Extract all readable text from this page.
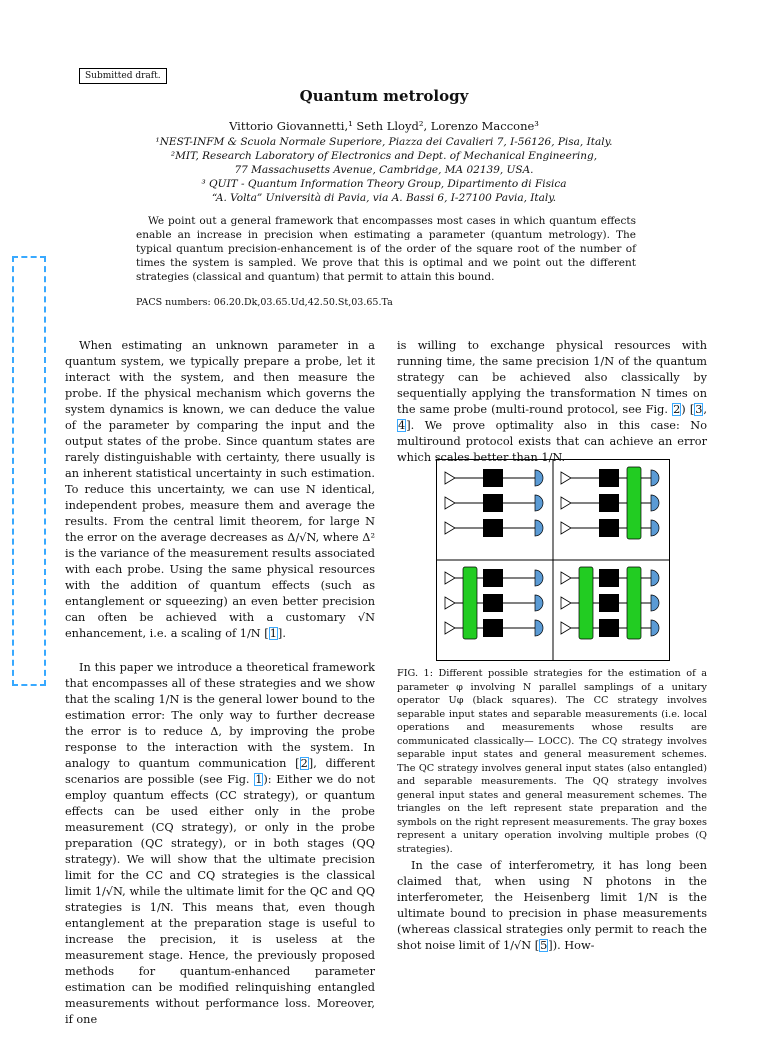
Submitted draft.
Quantum metrology
Vittorio Giovannetti,¹ Seth Lloyd², Lorenzo Maccone³
¹NEST-INFM & Scuola Normale Superiore, Piazza dei Cavalieri 7, I-56126, Pisa, Italy.
²MIT, Research Laboratory of Electronics and Dept. of Mechanical Engineering,
77 Massachusetts Avenue, Cambridge, MA 02139, USA.
³ QUIT - Quantum Information Theory Group, Dipartimento di Fisica
“A. Volta” Università di Pavia, via A. Bassi 6, I-27100 Pavia, Italy.
We point out a general framework that encompasses most cases in which quantum effects enable an increase in precision when estimating a parameter (quantum metrology). The typical quantum precision-enhancement is of the order of the square root of the number of times the system is sampled. We prove that this is optimal and we point out the different strategies (classical and quantum) that permit to attain this bound.
PACS numbers: 06.20.Dk,03.65.Ud,42.50.St,03.65.Ta

When estimating an unknown parameter in a quantum system, we typically prepare a probe, let it interact with the system, and then measure the probe. If the physical mechanism which governs the system dynamics is known, we can deduce the value of the parameter by comparing the input and the output states of the probe. Since quantum states are rarely distinguishable with certainty, there usually is an inherent statistical uncertainty in such estimation. To reduce this uncertainty, we can use N identical, independent probes, measure them and average the results. From the central limit theorem, for large N the error on the average decreases as Δ/√N, where Δ² is the variance of the measurement results associated with each probe. Using the same physical resources with the addition of quantum effects (such as entanglement or squeezing) an even better precision can often be achieved with a customary √N enhancement, i.e. a scaling of 1/N [1].

In this paper we introduce a theoretical framework that encompasses all of these strategies and we show that the scaling 1/N is the general lower bound to the estimation error: The only way to further decrease the error is to reduce Δ, by improving the probe response to the interaction with the system. In analogy to quantum communication [2], different scenarios are possible (see Fig. 1): Either we do not employ quantum effects (CC strategy), or quantum effects can be used either only in the probe measurement (CQ strategy), or only in the probe preparation (QC strategy), or in both stages (QQ strategy). We will show that the ultimate precision limit for the CC and CQ strategies is the classical limit 1/√N, while the ultimate limit for the QC and QQ strategies is 1/N. This means that, even though entanglement at the preparation stage is useful to increase the precision, it is useless at the measurement stage. Hence, the previously proposed methods for quantum-enhanced parameter estimation can be modified relinquishing entangled measurements without performance loss. Moreover, if one

is willing to exchange physical resources with running time, the same precision 1/N of the quantum strategy can be achieved also classically by sequentially applying the transformation N times on the same probe (multi-round protocol, see Fig. 2) [3, 4]. We prove optimality also in this case: No multiround protocol exists that can achieve an error which scales better than 1/N.

FIG. 1: Different possible strategies for the estimation of a parameter φ involving N parallel samplings of a unitary operator Uφ (black squares). The CC strategy involves separable input states and separable measurements (i.e. local operations and measurements whose results are communicated classically— LOCC). The CQ strategy involves separable input states and general measurement schemes. The QC strategy involves general input states (also entangled) and separable measurements. The QQ strategy involves general input states and general measurement schemes. The triangles on the left represent state preparation and the symbols on the right represent measurements. The gray boxes represent a unitary operation involving multiple probes (Q strategies).

In the case of interferometry, it has long been claimed that, when using N photons in the interferometer, the Heisenberg limit 1/N is the ultimate bound to precision in phase measurements (whereas classical strategies only permit to reach the shot noise limit of 1/√N [5]). How-
